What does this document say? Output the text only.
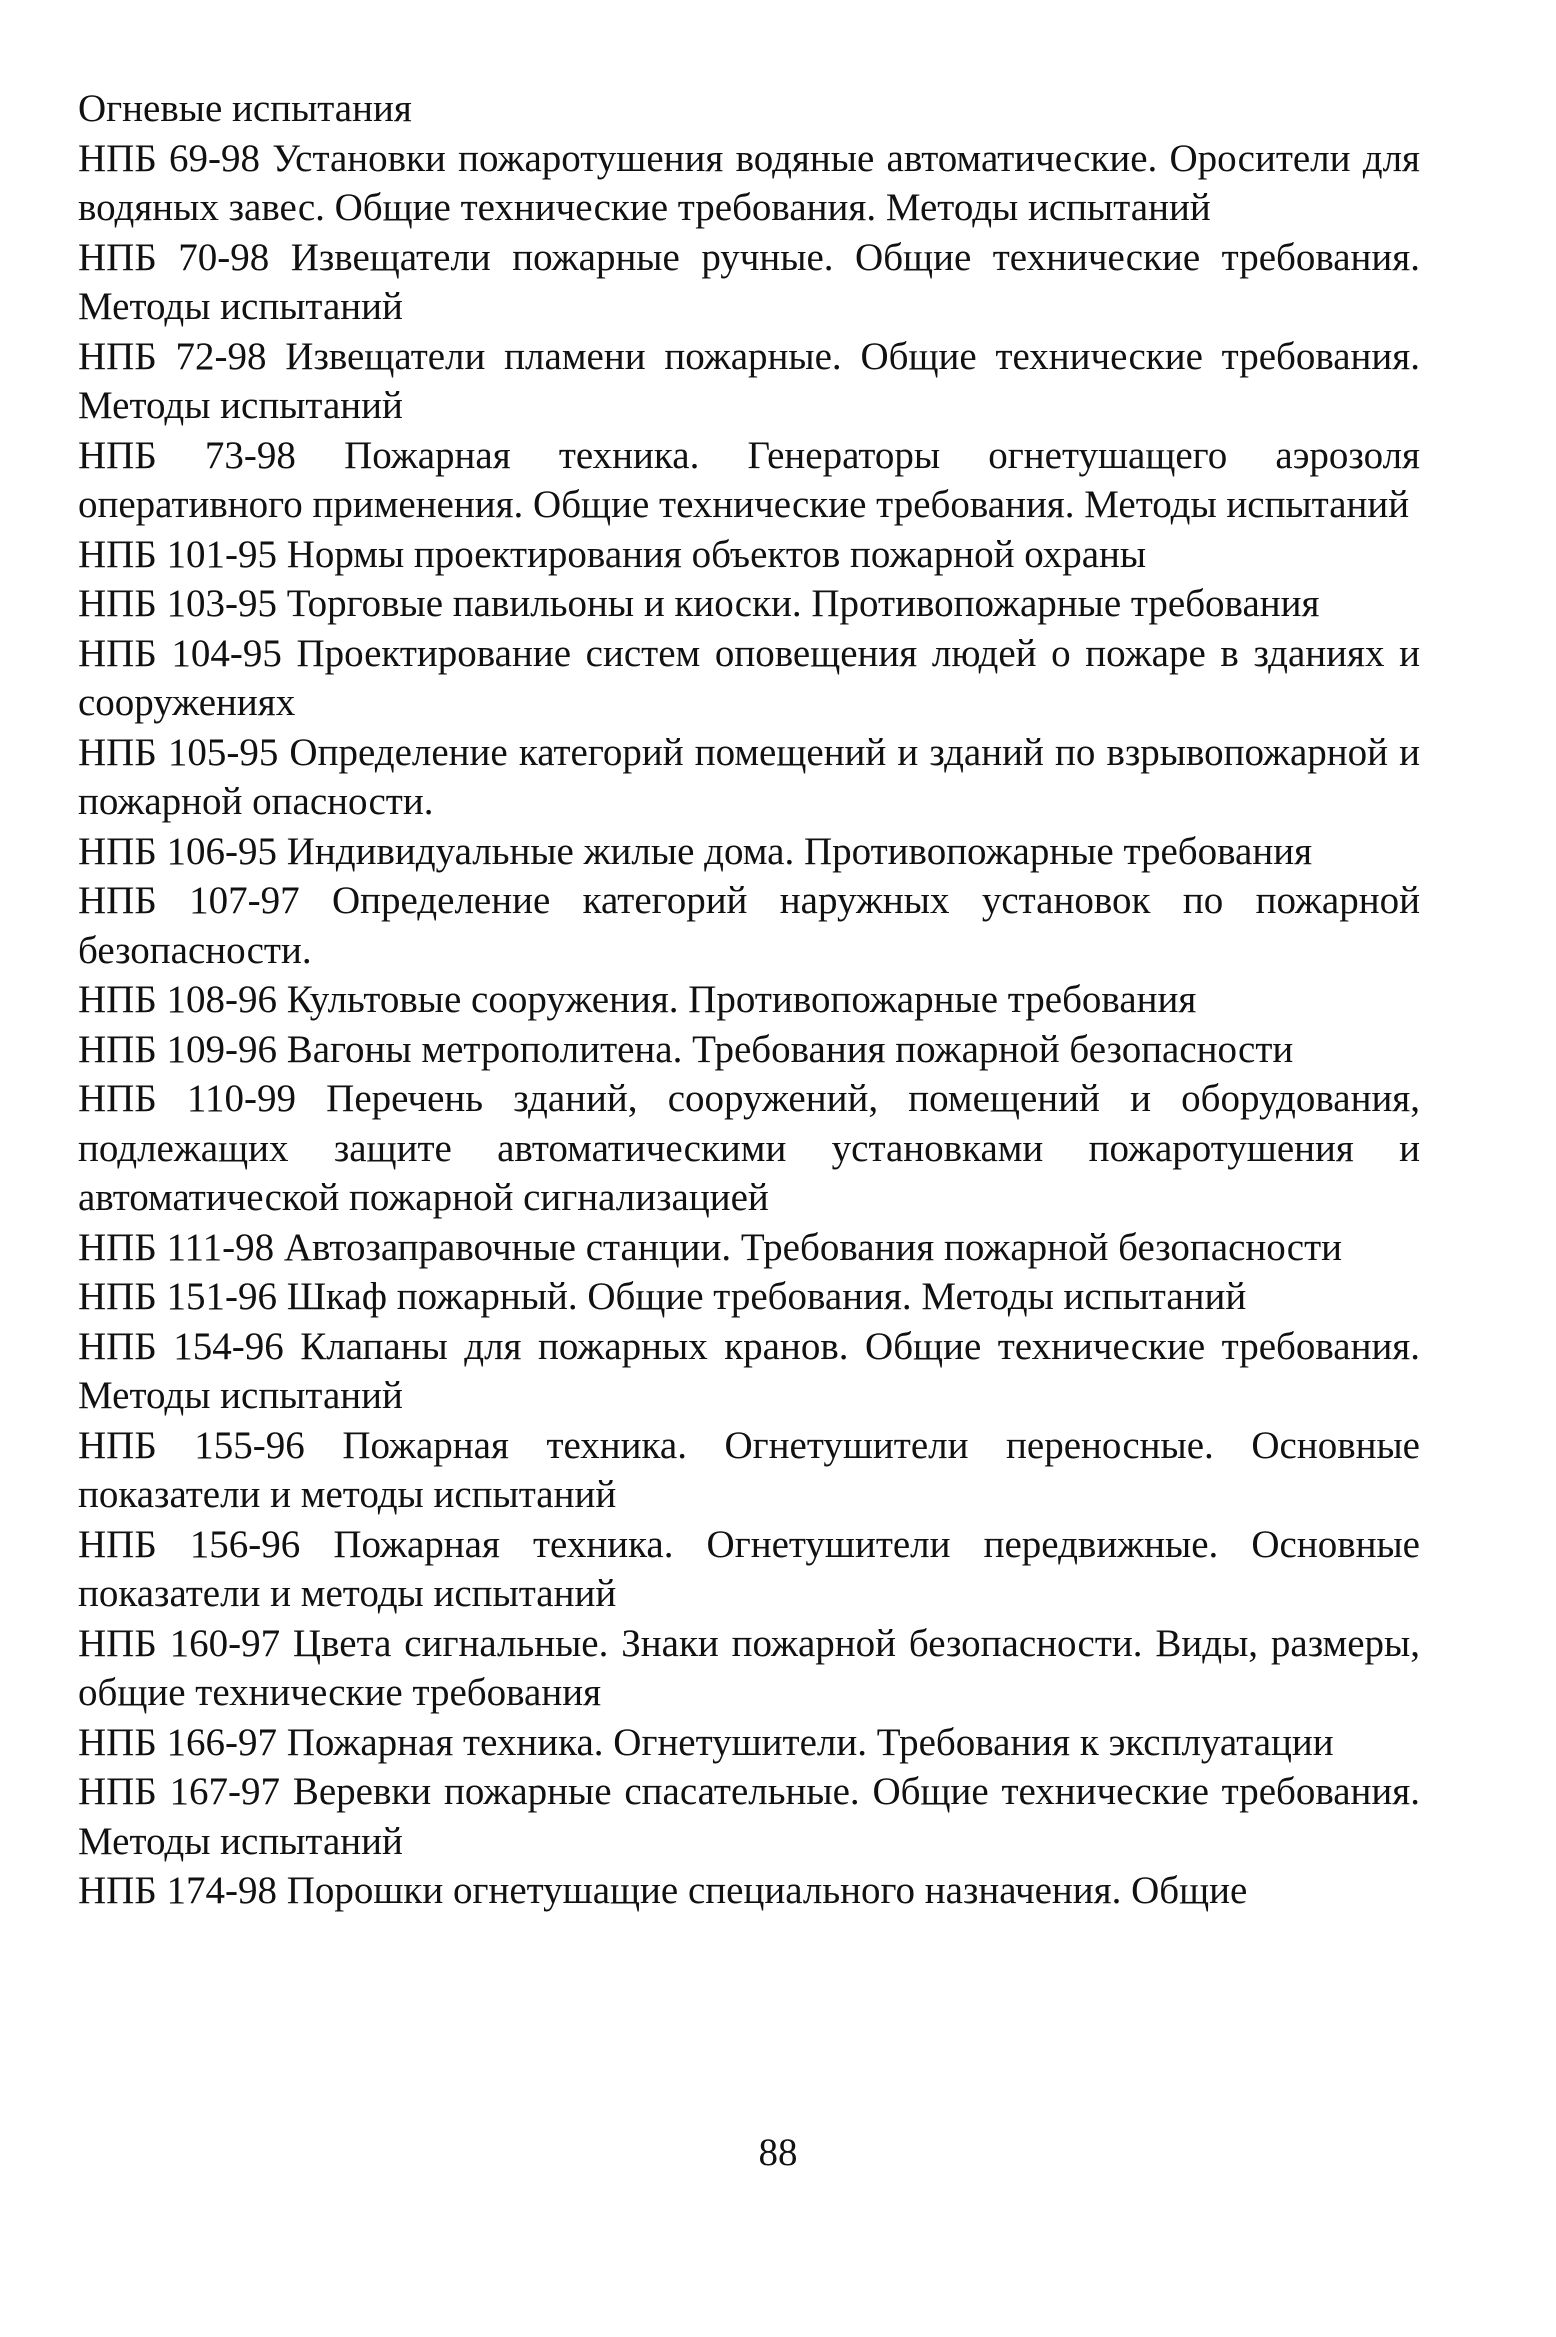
Огневые испытания

НПБ 69-98 Установки пожаротушения водяные автоматические. Оросители для водяных завес. Общие технические требования. Методы испытаний

НПБ 70-98 Извещатели пожарные ручные. Общие технические требования. Методы испытаний

НПБ 72-98 Извещатели пламени пожарные. Общие технические требования. Методы испытаний

НПБ 73-98 Пожарная техника. Генераторы огнетушащего аэрозоля оперативного применения. Общие технические требования. Методы испытаний

НПБ 101-95 Нормы проектирования объектов пожарной охраны

НПБ 103-95 Торговые павильоны и киоски. Противопожарные требования

НПБ 104-95 Проектирование систем оповещения людей о пожаре в зданиях и сооружениях

НПБ 105-95 Определение категорий помещений и зданий по взрывопожарной и пожарной опасности.

НПБ 106-95 Индивидуальные жилые дома. Противопожарные требования

НПБ 107-97 Определение категорий наружных установок по пожарной безопасности.

НПБ 108-96 Культовые сооружения. Противопожарные требования

НПБ 109-96 Вагоны метрополитена. Требования пожарной безопасности

НПБ 110-99 Перечень зданий, сооружений, помещений и оборудования, подлежащих защите автоматическими установками пожаротушения и автоматической пожарной сигнализацией

НПБ 111-98 Автозаправочные станции. Требования пожарной безопасности

НПБ 151-96 Шкаф пожарный. Общие требования. Методы испытаний

НПБ 154-96 Клапаны для пожарных кранов. Общие технические требования. Методы испытаний

НПБ 155-96 Пожарная техника. Огнетушители переносные. Основные показатели и методы испытаний

НПБ 156-96 Пожарная техника. Огнетушители передвижные. Основные показатели и методы испытаний

НПБ 160-97 Цвета сигнальные. Знаки пожарной безопасности. Виды, размеры, общие технические требования

НПБ 166-97 Пожарная техника. Огнетушители. Требования к эксплуатации

НПБ 167-97 Веревки пожарные спасательные. Общие технические требования. Методы испытаний

НПБ 174-98 Порошки огнетушащие специального назначения. Общие

88
